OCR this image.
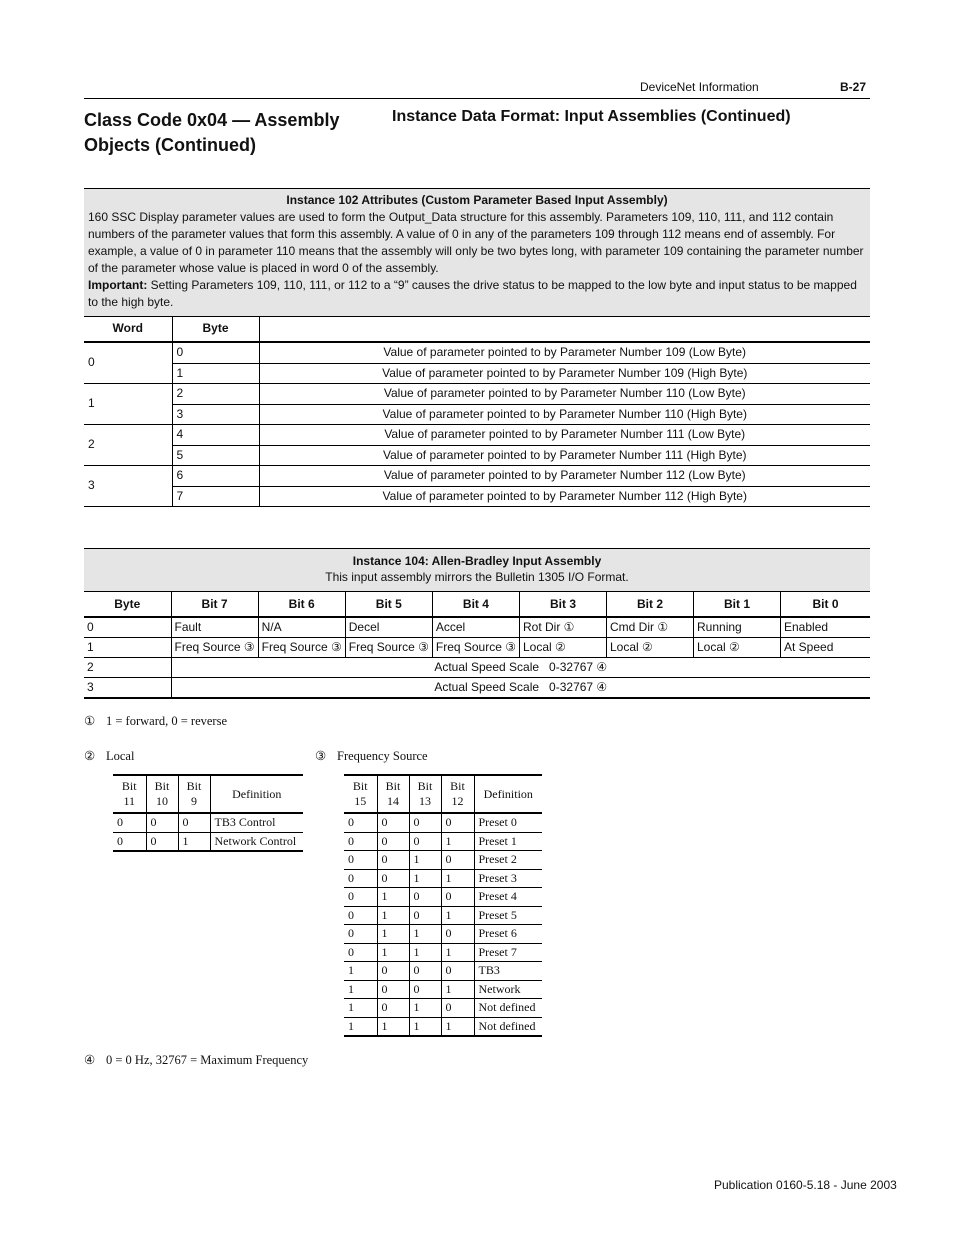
DeviceNet Information	B-27
Class Code 0x04 — Assembly Objects (Continued)
Instance Data Format: Input Assemblies (Continued)
Instance 102 Attributes (Custom Parameter Based Input Assembly)
160 SSC Display parameter values are used to form the Output_Data structure for this assembly. Parameters 109, 110, 111, and 112 contain numbers of the parameter values that form this assembly. A value of 0 in any of the parameters 109 through 112 means end of assembly. For example, a value of 0 in parameter 110 means that the assembly will only be two bytes long, with parameter 109 containing the parameter number of the parameter whose value is placed in word 0 of the assembly.
Important: Setting Parameters 109, 110, 111, or 112 to a “9” causes the drive status to be mapped to the low byte and input status to be mapped to the high byte.		

Word	Byte	
0	0	Value of parameter pointed to by Parameter Number 109 (Low Byte)
	1	Value of parameter pointed to by Parameter Number 109 (High Byte)
1	2	Value of parameter pointed to by Parameter Number 110 (Low Byte)
	3	Value of parameter pointed to by Parameter Number 110 (High Byte)
2	4	Value of parameter pointed to by Parameter Number 111 (Low Byte)
	5	Value of parameter pointed to by Parameter Number 111 (High Byte)
3	6	Value of parameter pointed to by Parameter Number 112 (Low Byte)
	7	Value of parameter pointed to by Parameter Number 112 (High Byte)
Instance 104: Allen-Bradley Input Assembly
This input assembly mirrors the Bulletin 1305 I/O Format.								

Byte	Bit 7	Bit 6	Bit 5	Bit 4	Bit 3	Bit 2	Bit 1	Bit 0
0	Fault	N/A	Decel	Accel	Rot Dir ①	Cmd Dir ①	Running	Enabled
1	Freq Source ③	Freq Source ③	Freq Source ③	Freq Source ③	Local ②	Local ②	Local ②	At Speed
2	Actual Speed Scale   0-32767 ④							
3	Actual Speed Scale   0-32767 ④							
① 1 = forward, 0 = reverse
② Local
Bit 11	Bit 10	Bit 9	Definition
0	0	0	TB3 Control
0	0	1	Network Control
③ Frequency Source
Bit 15	Bit 14	Bit 13	Bit 12	Definition
0	0	0	0	Preset 0
0	0	0	1	Preset 1
0	0	1	0	Preset 2
0	0	1	1	Preset 3
0	1	0	0	Preset 4
0	1	0	1	Preset 5
0	1	1	0	Preset 6
0	1	1	1	Preset 7
1	0	0	0	TB3
1	0	0	1	Network
1	0	1	0	Not defined
1	1	1	1	Not defined
④ 0 = 0 Hz, 32767 = Maximum Frequency
Publication 0160-5.18 - June 2003
